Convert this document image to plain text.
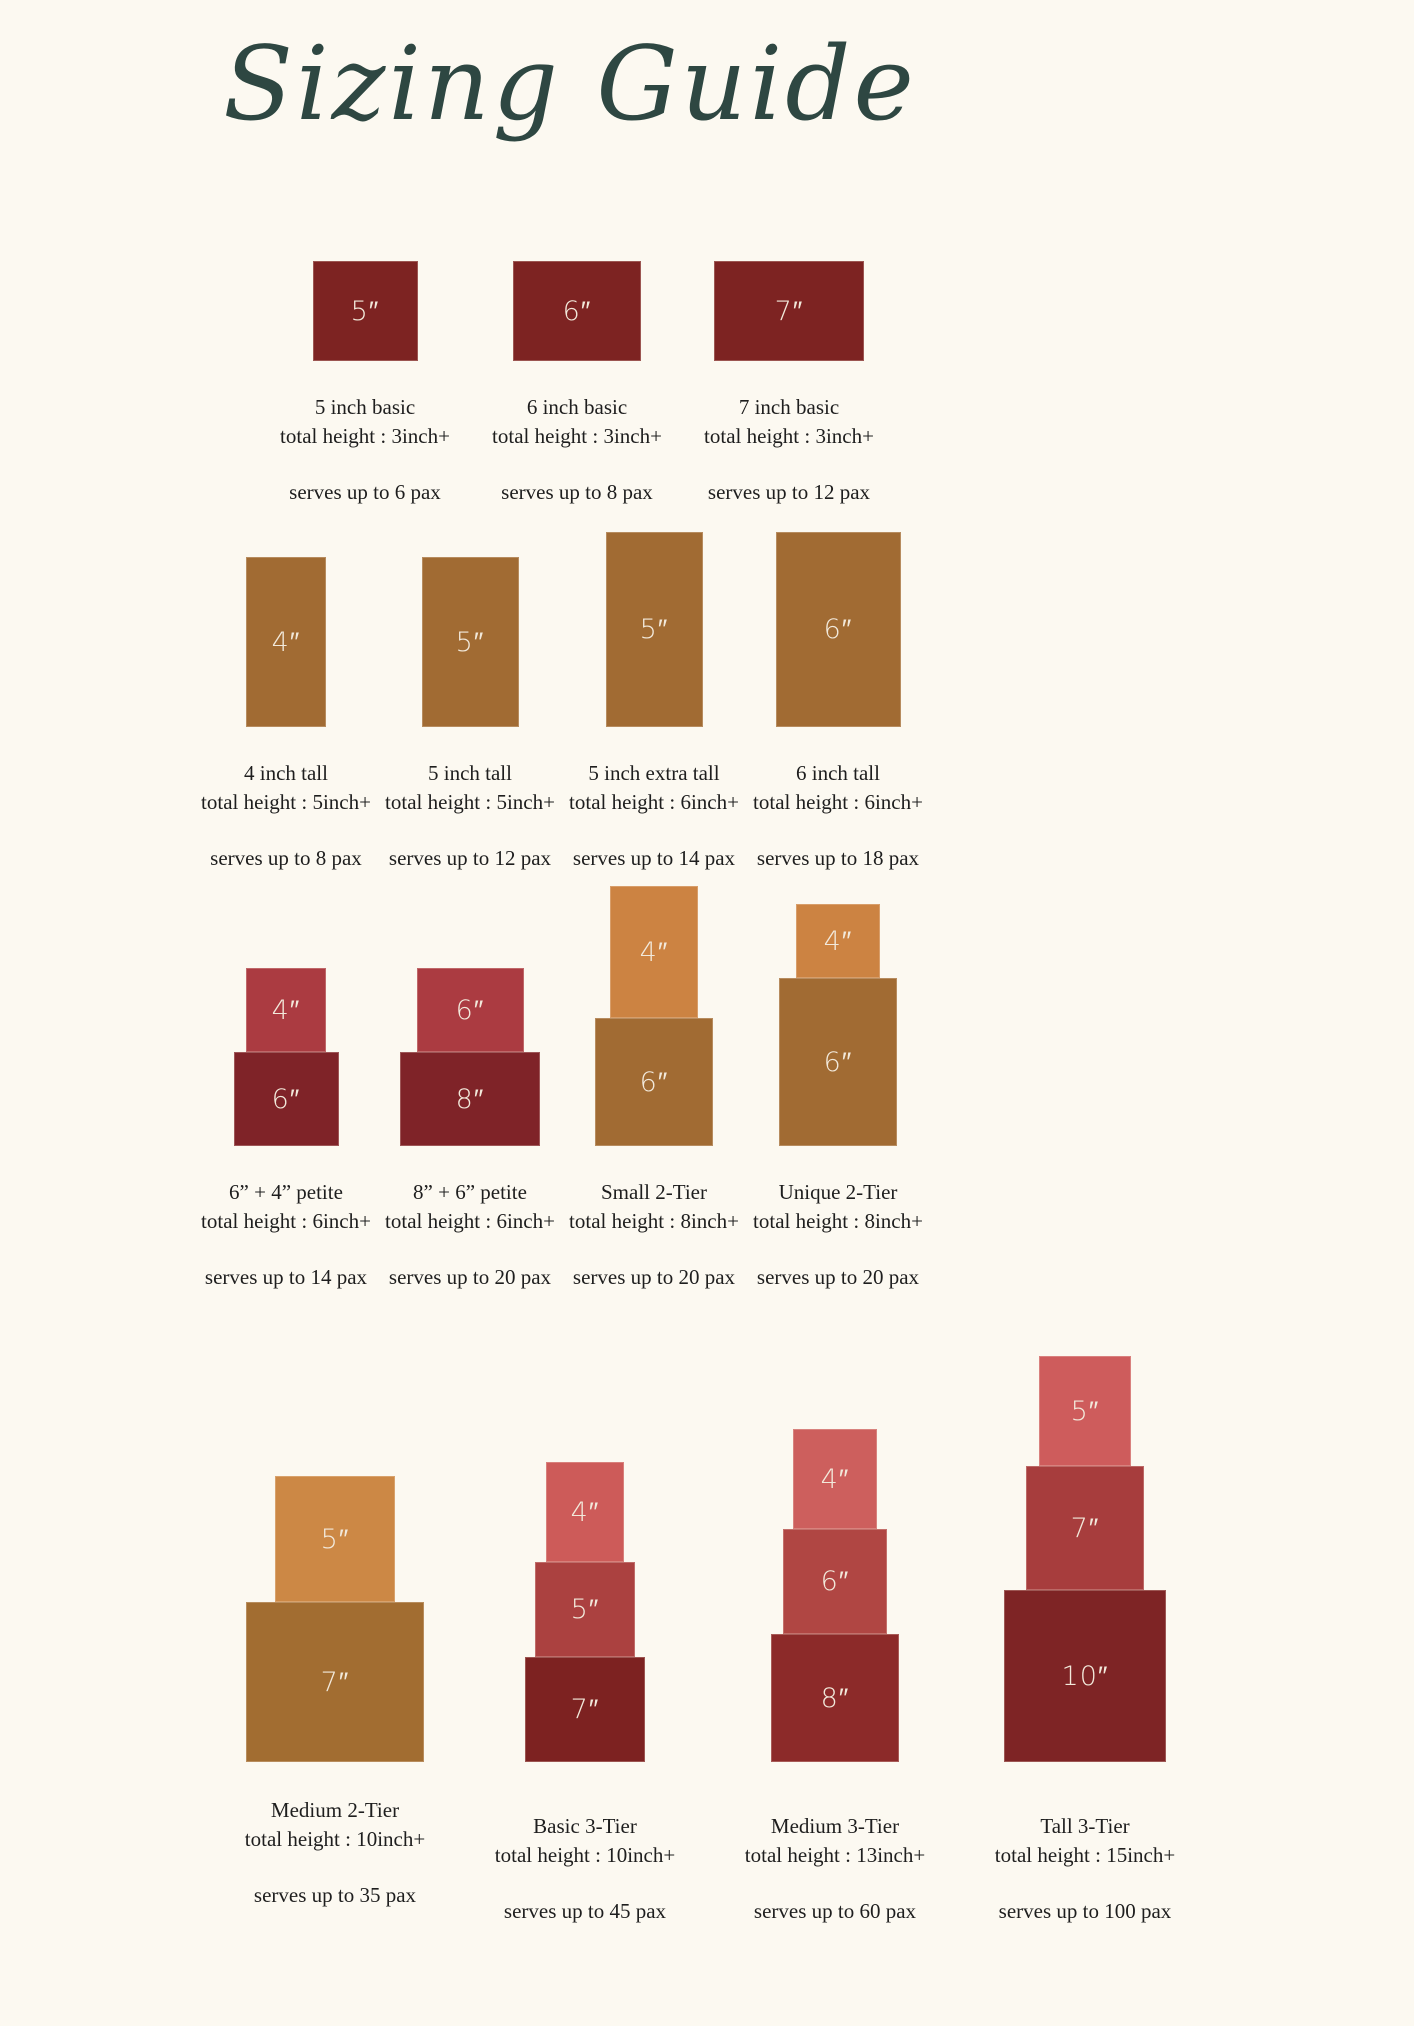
Sizing Guide
5″
5 inch basic
total height : 3inch+
serves up to 6 pax
6″
6 inch basic
total height : 3inch+
serves up to 8 pax
7″
7 inch basic
total height : 3inch+
serves up to 12 pax
4″
4 inch tall
total height : 5inch+
serves up to 8 pax
5″
5 inch tall
total height : 5inch+
serves up to 12 pax
5″
5 inch extra tall
total height : 6inch+
serves up to 14 pax
6″
6 inch tall
total height : 6inch+
serves up to 18 pax
4″
6″
6” + 4” petite
total height : 6inch+
serves up to 14 pax
6″
8″
8” + 6” petite
total height : 6inch+
serves up to 20 pax
4″
6″
Small 2-Tier
total height : 8inch+
serves up to 20 pax
4″
6″
Unique 2-Tier
total height : 8inch+
serves up to 20 pax
5″
7″
Medium 2-Tier
total height : 10inch+
serves up to 35 pax
4″
5″
7″
Basic 3-Tier
total height : 10inch+
serves up to 45 pax
4″
6″
8″
Medium 3-Tier
total height : 13inch+
serves up to 60 pax
5″
7″
10″
Tall 3-Tier
total height : 15inch+
serves up to 100 pax
